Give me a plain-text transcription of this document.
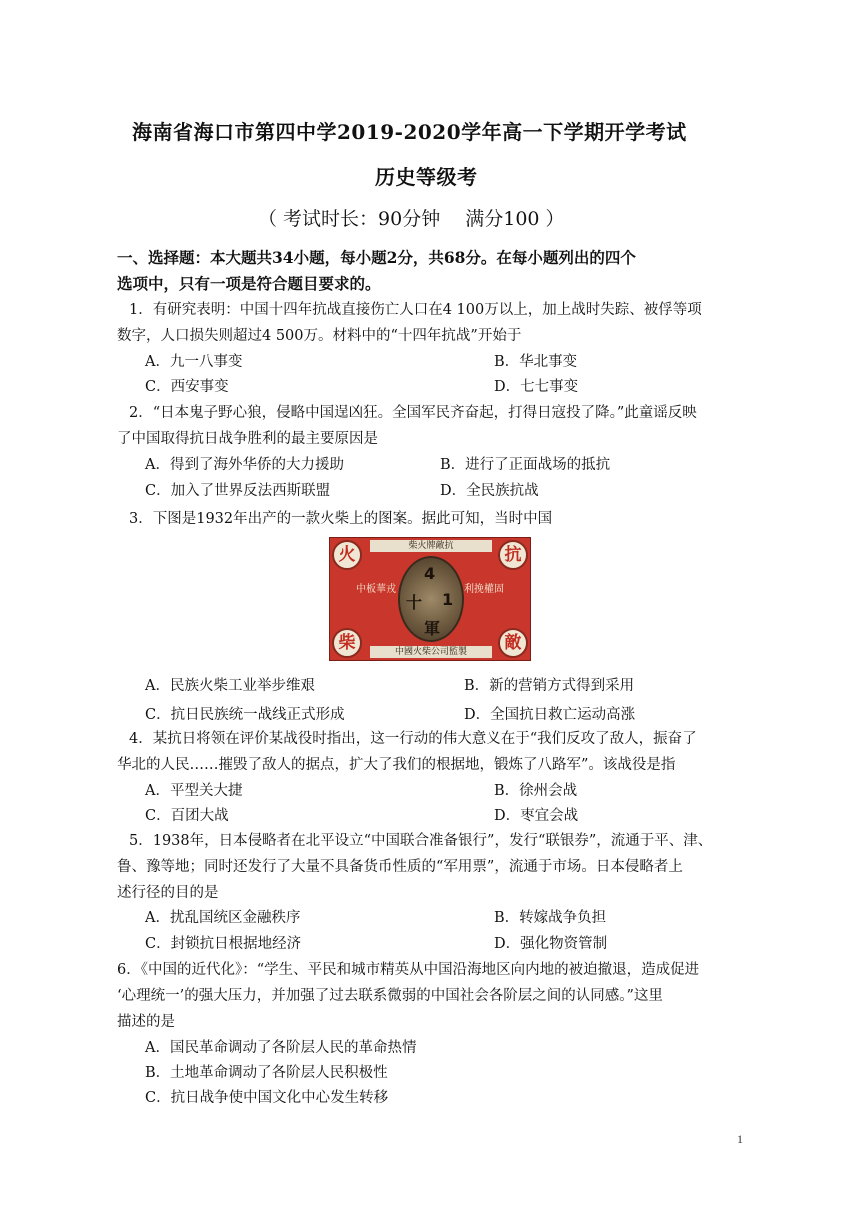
海南省海口市第四中学2019-2020学年高一下学期开学考试
历史等级考
（ 考试时长：90分钟　 满分100 ）
一、选择题：本大题共34小题，每小题2分，共68分。在每小题列出的四个
选项中，只有一项是符合题目要求的。
1．有研究表明：中国十四年抗战直接伤亡人口在4 100万以上，加上战时失踪、被俘等项
数字，人口损失则超过4 500万。材料中的“十四年抗战”开始于
A．九一八事变	B．华北事变
C．西安事变	D．七七事变
2．“日本鬼子野心狼，侵略中国逞凶狂。全国军民齐奋起，打得日寇投了降。”此童谣反映
了中国取得抗日战争胜利的最主要原因是
A．得到了海外华侨的大力援助	B．进行了正面战场的抵抗
C．加入了世界反法西斯联盟	D．全民族抗战
3．下图是1932年出产的一款火柴上的图案。据此可知，当时中国
柴火牌敵抗
火	抗
柴	敵
中板華戎	利挽權固
4
十 1
軍
中國火柴公司監製
A．民族火柴工业举步维艰	B．新的营销方式得到采用
C．抗日民族统一战线正式形成	D．全国抗日救亡运动高涨
4．某抗日将领在评价某战役时指出，这一行动的伟大意义在于“我们反攻了敌人，振奋了
华北的人民……摧毁了敌人的据点，扩大了我们的根据地，锻炼了八路军”。该战役是指
A．平型关大捷	B．徐州会战
C．百团大战	D．枣宜会战
5．1938年，日本侵略者在北平设立“中国联合准备银行”，发行“联银券”，流通于平、津、
鲁、豫等地；同时还发行了大量不具备货币性质的“军用票”，流通于市场。日本侵略者上
述行径的目的是
A．扰乱国统区金融秩序	B．转嫁战争负担
C．封锁抗日根据地经济	D．强化物资管制
6．《中国的近代化》：“学生、平民和城市精英从中国沿海地区向内地的被迫撤退，造成促进
‘心理统一’的强大压力，并加强了过去联系微弱的中国社会各阶层之间的认同感。”这里
描述的是
A．国民革命调动了各阶层人民的革命热情
B．土地革命调动了各阶层人民积极性
C．抗日战争使中国文化中心发生转移
1
